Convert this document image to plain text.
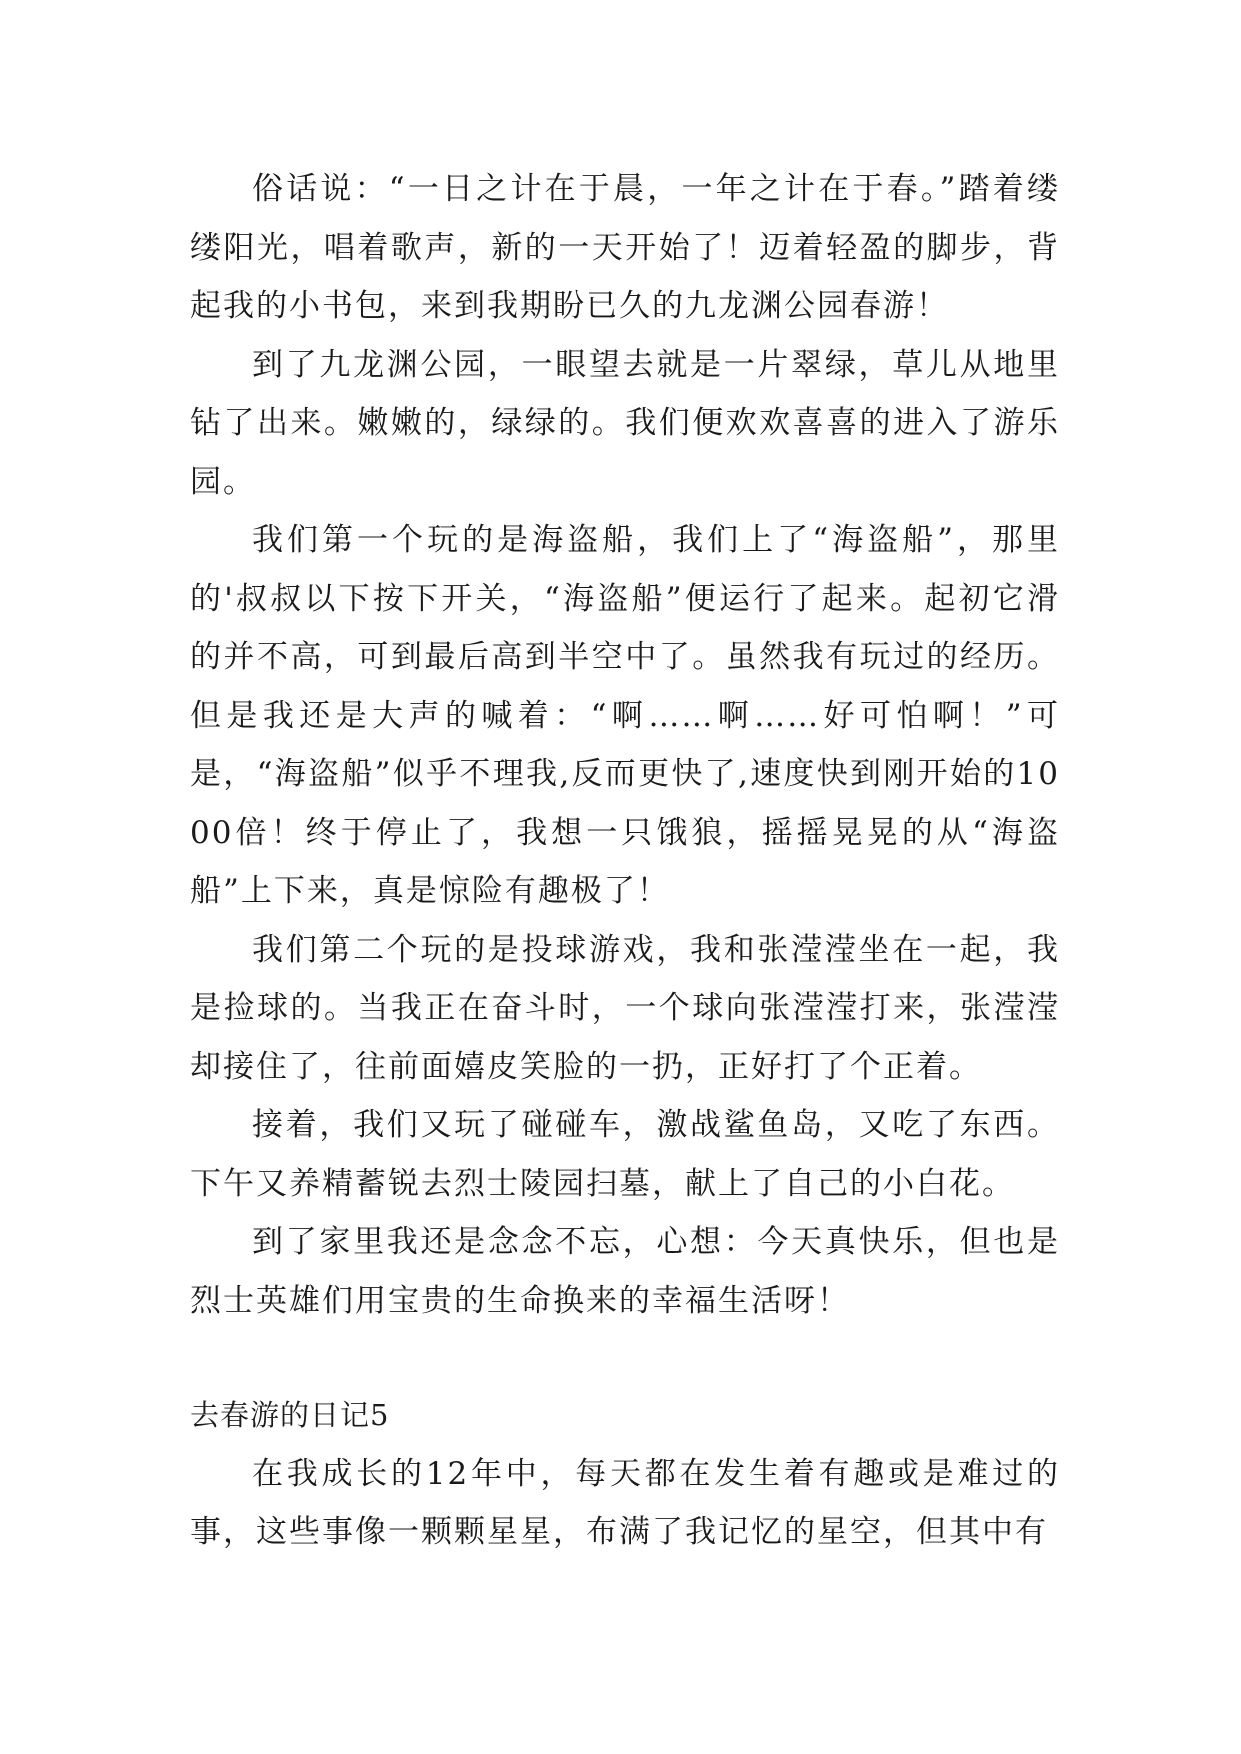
俗话说：“一日之计在于晨，一年之计在于春。”踏着缕缕阳光，唱着歌声，新的一天开始了！迈着轻盈的脚步，背起我的小书包，来到我期盼已久的九龙渊公园春游！

到了九龙渊公园，一眼望去就是一片翠绿，草儿从地里钻了出来。嫩嫩的，绿绿的。我们便欢欢喜喜的进入了游乐园。

我们第一个玩的是海盗船，我们上了“海盗船”，那里的'叔叔以下按下开关，“海盗船”便运行了起来。起初它滑的并不高，可到最后高到半空中了。虽然我有玩过的经历。但是我还是大声的喊着：“啊……啊……好可怕啊！”可是，“海盗船”似乎不理我,反而更快了,速度快到刚开始的1000倍！终于停止了，我想一只饿狼，摇摇晃晃的从“海盗船”上下来，真是惊险有趣极了！

我们第二个玩的是投球游戏，我和张滢滢坐在一起，我是捡球的。当我正在奋斗时，一个球向张滢滢打来，张滢滢却接住了，往前面嬉皮笑脸的一扔，正好打了个正着。

接着，我们又玩了碰碰车，激战鲨鱼岛，又吃了东西。下午又养精蓄锐去烈士陵园扫墓，献上了自己的小白花。

到了家里我还是念念不忘，心想：今天真快乐，但也是烈士英雄们用宝贵的生命换来的幸福生活呀！

去春游的日记5

在我成长的12年中，每天都在发生着有趣或是难过的事，这些事像一颗颗星星，布满了我记忆的星空，但其中有
